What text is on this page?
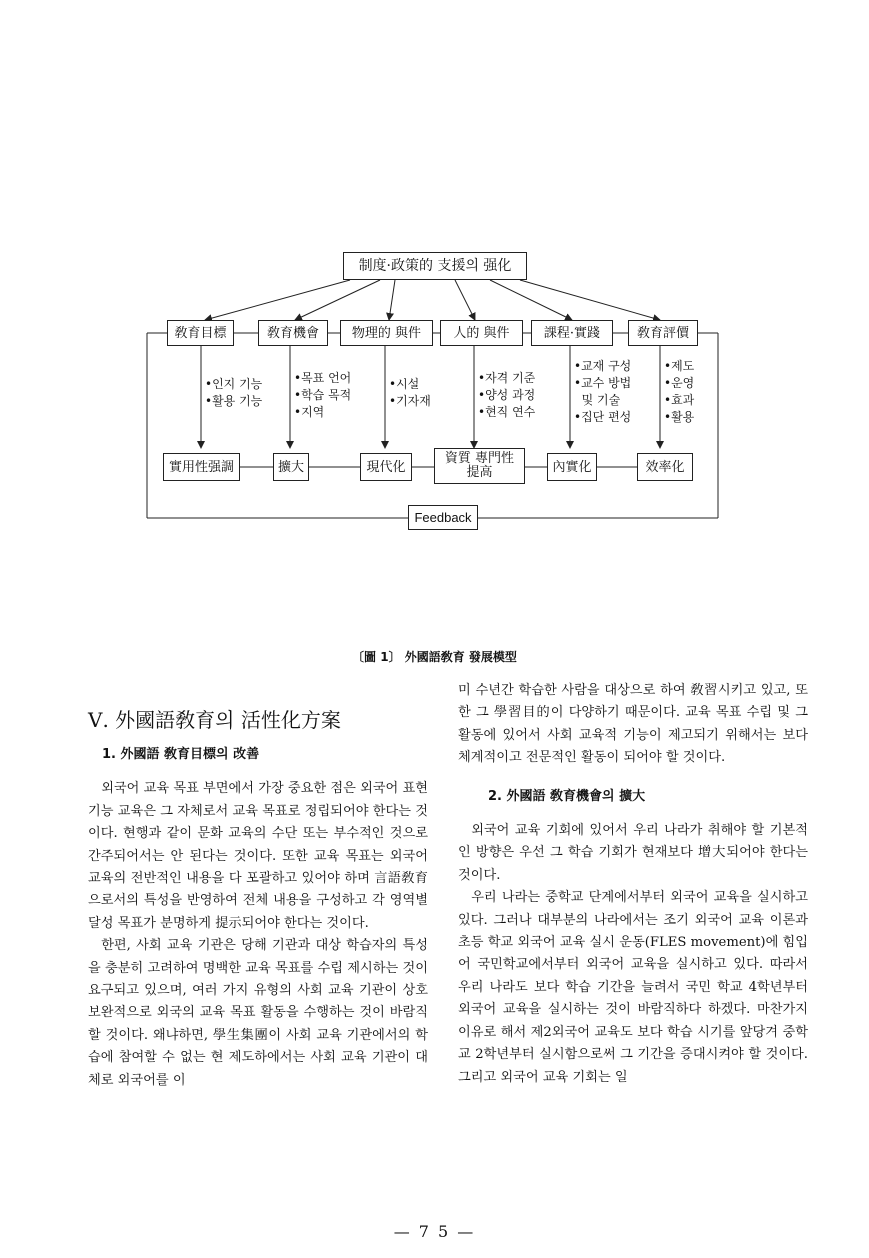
制度·政策的 支援의 强化
敎育目標	敎育機會	物理的 與件	人的 與件	課程·實踐	敎育評價
•인지 기능
•활용 기능
•목표 언어
•학습 목적
•지역
•시설
•기자재
•자격 기준
•양성 과정
•현직 연수
•교재 구성
•교수 방법
및 기술
•집단 편성
•제도
•운영
•효과
•활용
實用性强調	擴大	現代化
資質 專門性 提高	內實化	效率化
Feedback
〔圖 1〕 外國語敎育 發展模型
Ⅴ. 外國語敎育의 活性化方案
1. 外國語 敎育目標의 改善

외국어 교육 목표 부면에서 가장 중요한 점은 외국어 표현 기능 교육은 그 자체로서 교육 목표로 정립되어야 한다는 것이다. 현행과 같이 문화 교육의 수단 또는 부수적인 것으로 간주되어서는 안 된다는 것이다. 또한 교육 목표는 외국어 교육의 전반적인 내용을 다 포괄하고 있어야 하며 言語敎育으로서의 특성을 반영하여 전체 내용을 구성하고 각 영역별 달성 목표가 분명하게 提示되어야 한다는 것이다.

한편, 사회 교육 기관은 당해 기관과 대상 학습자의 특성을 충분히 고려하여 명백한 교육 목표를 수립 제시하는 것이 요구되고 있으며, 여러 가지 유형의 사회 교육 기관이 상호 보완적으로 외국의 교육 목표 활동을 수행하는 것이 바람직할 것이다. 왜냐하면, 學生集團이 사회 교육 기관에서의 학습에 참여할 수 없는 현 제도하에서는 사회 교육 기관이 대체로 외국어를 이

미 수년간 학습한 사람을 대상으로 하여 敎習시키고 있고, 또한 그 學習目的이 다양하기 때문이다. 교육 목표 수립 및 그 활동에 있어서 사회 교육적 기능이 제고되기 위해서는 보다 체계적이고 전문적인 활동이 되어야 할 것이다.

2. 外國語 敎育機會의 擴大

외국어 교육 기회에 있어서 우리 나라가 취해야 할 기본적인 방향은 우선 그 학습 기회가 현재보다 增大되어야 한다는 것이다.

우리 나라는 중학교 단계에서부터 외국어 교육을 실시하고 있다. 그러나 대부분의 나라에서는 조기 외국어 교육 이론과 초등 학교 외국어 교육 실시 운동(FLES movement)에 힘입어 국민학교에서부터 외국어 교육을 실시하고 있다. 따라서 우리 나라도 보다 학습 기간을 늘려서 국민 학교 4학년부터 외국어 교육을 실시하는 것이 바람직하다 하겠다. 마찬가지 이유로 해서 제2외국어 교육도 보다 학습 시기를 앞당겨 중학교 2학년부터 실시함으로써 그 기간을 증대시켜야 할 것이다. 그리고 외국어 교육 기회는 일

— 7 5 —
